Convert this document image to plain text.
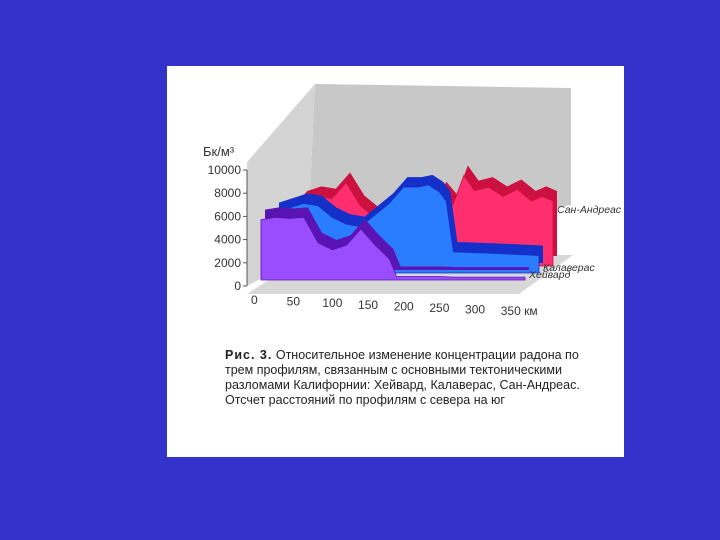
Сан-Андреас
Калаверас
Хейвард
10000
8000
6000
4000
2000
0
Бк/м³
0 50 100 150 200 250 300 350 км
Рис. 3. Относительное изменение концентрации радона по трем профилям, связанным с основными тектоническими разломами Калифорнии: Хейвард, Калаверас, Сан-Андреас. Отсчет расстояний по профилям с севера на юг
